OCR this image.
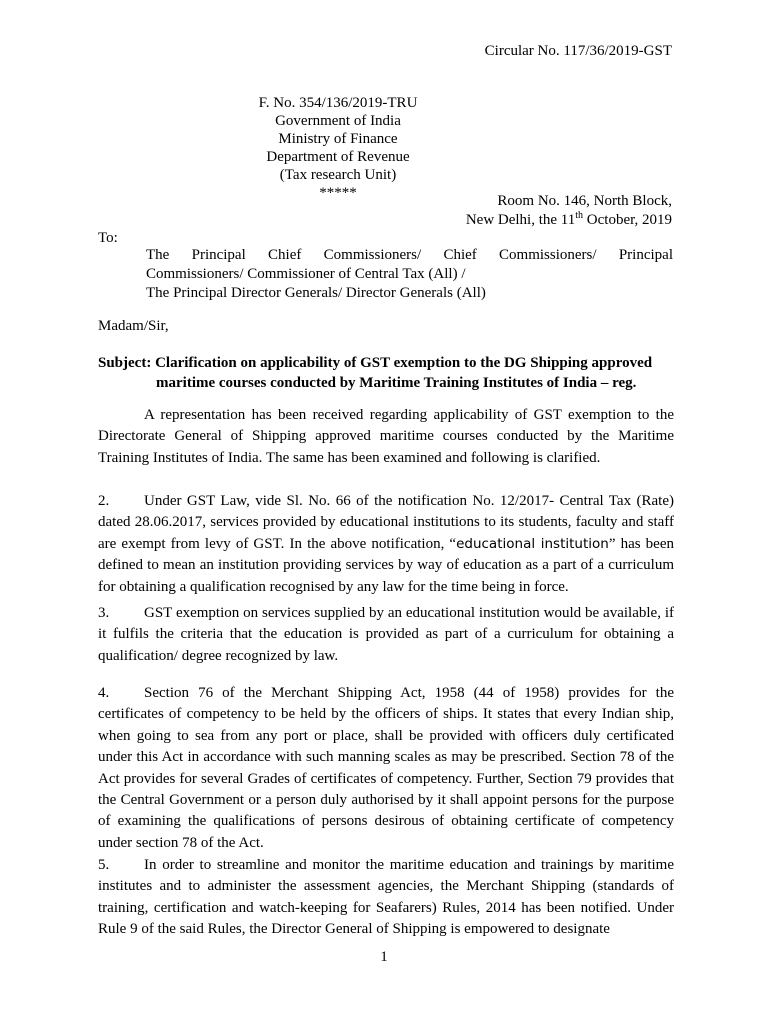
Circular No. 117/36/2019-GST
F. No. 354/136/2019-TRU
Government of India
Ministry of Finance
Department of Revenue
(Tax research Unit)
*****	Room No. 146, North Block,
New Delhi, the 11th October, 2019
To:
The Principal Chief Commissioners/ Chief Commissioners/ Principal
Commissioners/ Commissioner of Central Tax (All) /
The Principal Director Generals/ Director Generals (All)
Madam/Sir,
Subject: Clarification on applicability of GST exemption to the DG Shipping approved
maritime courses conducted by Maritime Training Institutes of India – reg.
A representation has been received regarding applicability of GST exemption to the Directorate General of Shipping approved maritime courses conducted by the Maritime Training Institutes of India. The same has been examined and following is clarified.
2. Under GST Law, vide Sl. No. 66 of the notification No. 12/2017- Central Tax (Rate) dated 28.06.2017, services provided by educational institutions to its students, faculty and staff are exempt from levy of GST. In the above notification, “educational institution” has been defined to mean an institution providing services by way of education as a part of a curriculum for obtaining a qualification recognised by any law for the time being in force.
3. GST exemption on services supplied by an educational institution would be available, if it fulfils the criteria that the education is provided as part of a curriculum for obtaining a qualification/ degree recognized by law.
4. Section 76 of the Merchant Shipping Act, 1958 (44 of 1958) provides for the certificates of competency to be held by the officers of ships. It states that every Indian ship, when going to sea from any port or place, shall be provided with officers duly certificated under this Act in accordance with such manning scales as may be prescribed. Section 78 of the Act provides for several Grades of certificates of competency. Further, Section 79 provides that the Central Government or a person duly authorised by it shall appoint persons for the purpose of examining the qualifications of persons desirous of obtaining certificate of competency under section 78 of the Act.
5. In order to streamline and monitor the maritime education and trainings by maritime institutes and to administer the assessment agencies, the Merchant Shipping (standards of training, certification and watch-keeping for Seafarers) Rules, 2014 has been notified. Under Rule 9 of the said Rules, the Director General of Shipping is empowered to designate
1
